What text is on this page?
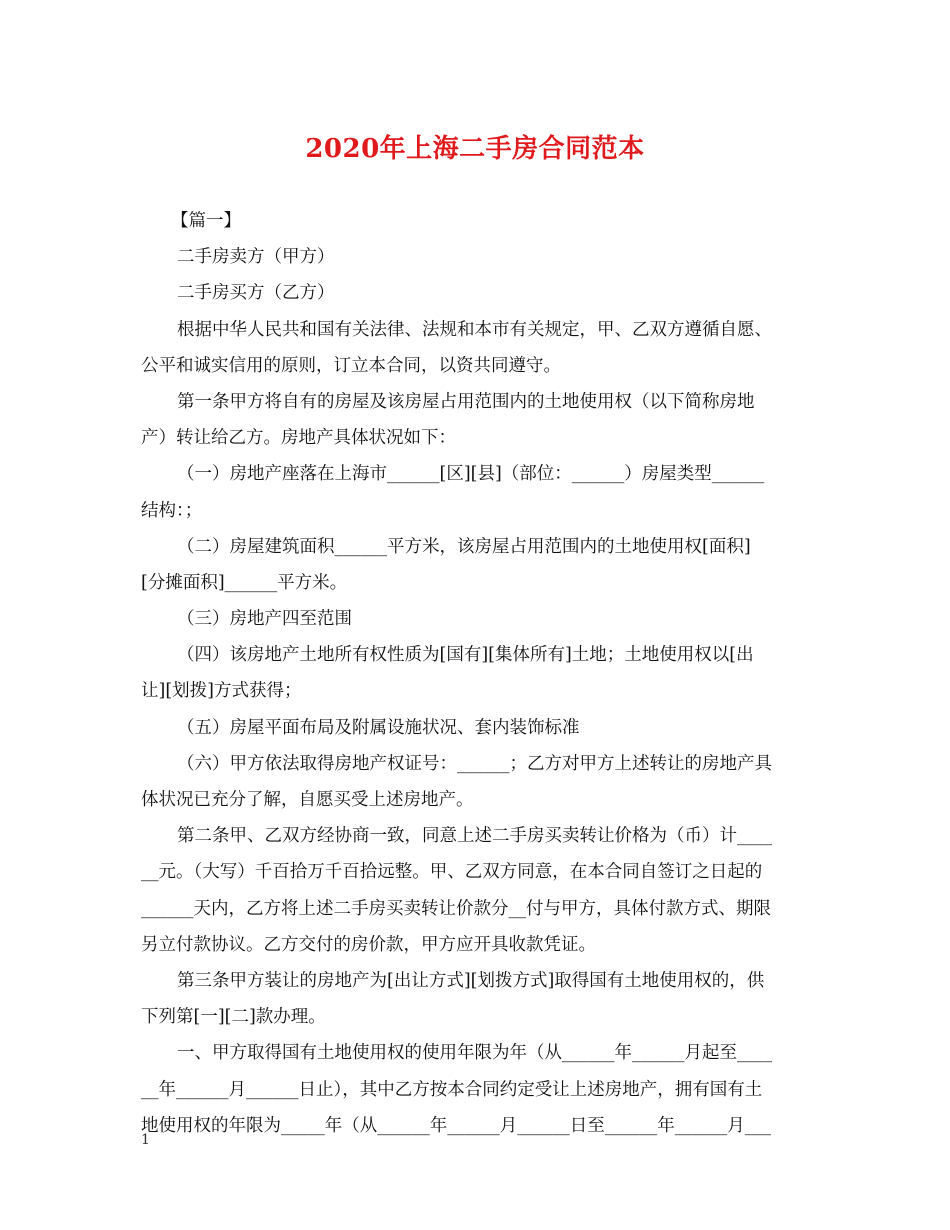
2020年上海二手房合同范本
【篇一】
二手房卖方（甲方）
二手房买方（乙方）
根据中华人民共和国有关法律、法规和本市有关规定，甲、乙双方遵循自愿、
公平和诚实信用的原则，订立本合同，以资共同遵守。
第一条甲方将自有的房屋及该房屋占用范围内的土地使用权（以下简称房地
产）转让给乙方。房地产具体状况如下：
（一）房地产座落在上海市______[区][县]（部位：______）房屋类型______
结构：；
（二）房屋建筑面积______平方米，该房屋占用范围内的土地使用权[面积]
[分摊面积]______平方米。
（三）房地产四至范围
（四）该房地产土地所有权性质为[国有][集体所有]土地；土地使用权以[出
让][划拨]方式获得；
（五）房屋平面布局及附属设施状况、套内装饰标准
（六）甲方依法取得房地产权证号：______；乙方对甲方上述转让的房地产具
体状况已充分了解，自愿买受上述房地产。
第二条甲、乙双方经协商一致，同意上述二手房买卖转让价格为（币）计____
__元。（大写）千百拾万千百拾远整。甲、乙双方同意，在本合同自签订之日起的
______天内，乙方将上述二手房买卖转让价款分__付与甲方，具体付款方式、期限
另立付款协议。乙方交付的房价款，甲方应开具收款凭证。
第三条甲方装让的房地产为[出让方式][划拨方式]取得国有土地使用权的，供
下列第[一][二]款办理。
一、甲方取得国有土地使用权的使用年限为年（从______年______月起至____
__年______月______日止），其中乙方按本合同约定受让上述房地产，拥有国有土
地使用权的年限为_____年（从______年______月______日至______年______月___
1
